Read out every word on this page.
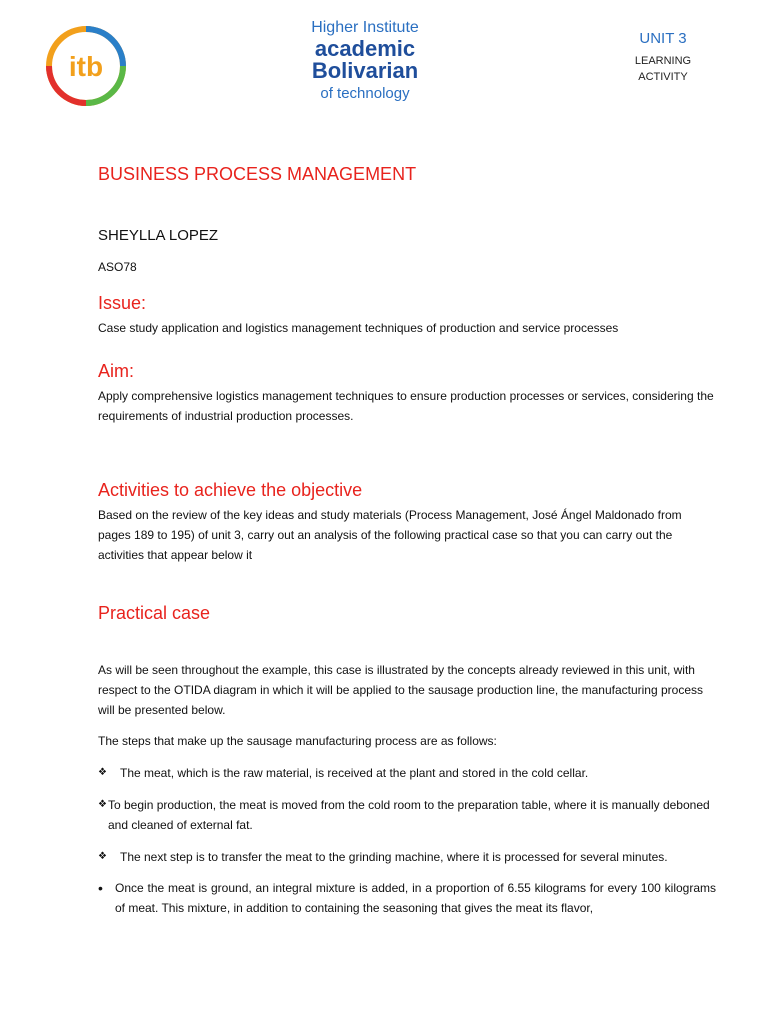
itb
Higher Institute
academic
Bolivarian
of technology
UNIT 3
LEARNING
ACTIVITY
BUSINESS PROCESS MANAGEMENT
SHEYLLA LOPEZ
ASO78
Issue:
Case study application and logistics management techniques of production and service processes
Aim:
Apply comprehensive logistics management techniques to ensure production processes or services, considering the requirements of industrial production processes.
Activities to achieve the objective
Based on the review of the key ideas and study materials (Process Management, José Ángel Maldonado from pages 189 to 195) of unit 3, carry out an analysis of the following practical case so that you can carry out the activities that appear below it
Practical case
As will be seen throughout the example, this case is illustrated by the concepts already reviewed in this unit, with respect to the OTIDA diagram in which it will be applied to the sausage production line, the manufacturing process will be presented below.
The steps that make up the sausage manufacturing process are as follows:
❖	The meat, which is the raw material, is received at the plant and stored in the cold cellar.
❖ To begin production, the meat is moved from the cold room to the preparation table, where it is manually deboned and cleaned of external fat.
❖	The next step is to transfer the meat to the grinding machine, where it is processed for several minutes.
•	Once the meat is ground, an integral mixture is added, in a proportion of 6.55 kilograms for every 100 kilograms of meat. This mixture, in addition to containing the seasoning that gives the meat its flavor,
